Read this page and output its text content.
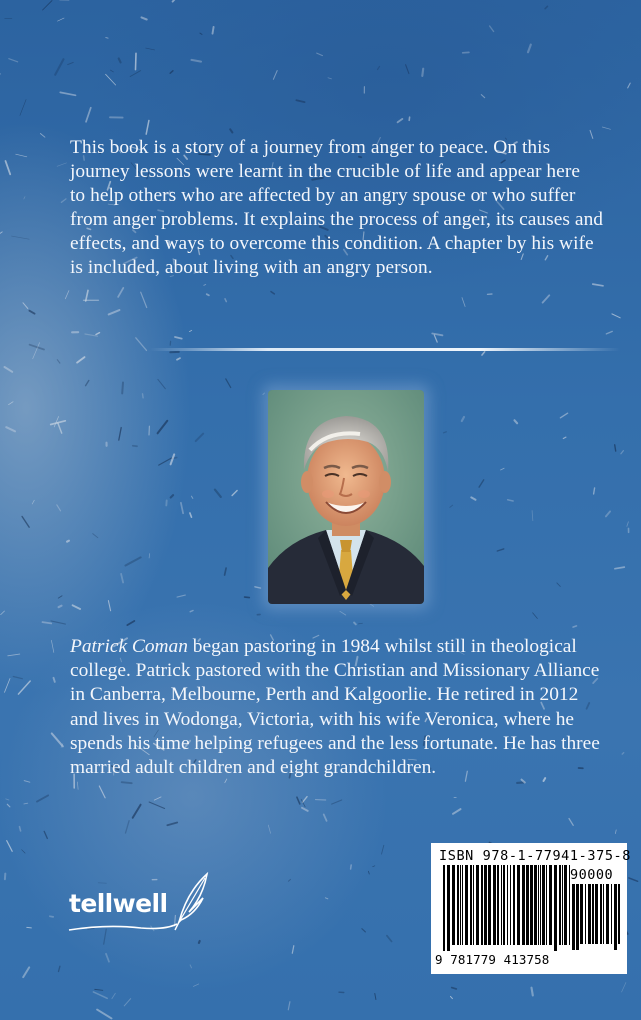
This book is a story of a journey from anger to peace. On this
journey lessons were learnt in the crucible of life and appear here
to help others who are affected by an angry spouse or who suffer
from anger problems. It explains the process of anger, its causes and
effects, and ways to overcome this condition. A chapter by his wife
is included, about living with an angry person.
Patrick Coman began pastoring in 1984 whilst still in theological
college. Patrick pastored with the Christian and Missionary Alliance
in Canberra, Melbourne, Perth and Kalgoorlie. He retired in 2012
and lives in Wodonga, Victoria, with his wife Veronica, where he
spends his time helping refugees and the less fortunate. He has three
married adult children and eight grandchildren.
tellwell
ISBN 978-1-77941-375-8
90000
9 781779 413758
